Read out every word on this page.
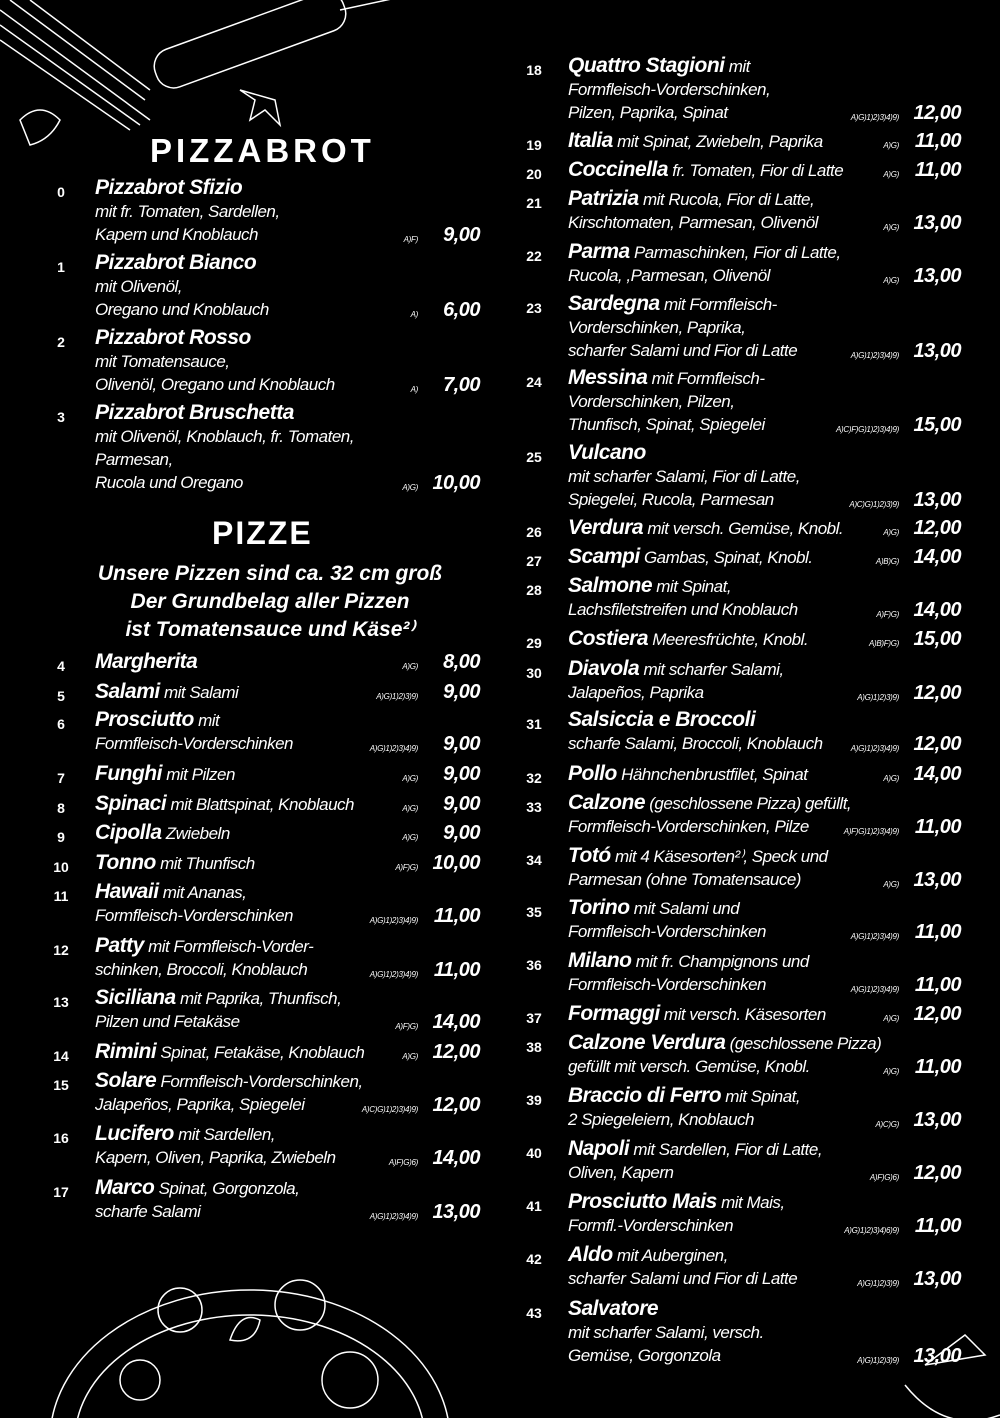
PIZZABROT
PIZZE
Unsere Pizzen sind ca. 32 cm groß
Der Grundbelag aller Pizzen
ist Tomatensauce und Käse²⁾
0	Pizzabrot Sfizio
mit fr. Tomaten, Sardellen,
Kapern und Knoblauch	A)F) 9,00
1	Pizzabrot Bianco
mit Olivenöl,
Oregano und Knoblauch	A) 6,00
2	Pizzabrot Rosso
mit Tomatensauce,
Olivenöl, Oregano und Knoblauch	A) 7,00
3	Pizzabrot Bruschetta
mit Olivenöl, Knoblauch, fr. Tomaten, Parmesan,
Rucola und Oregano	A)G) 10,00
4	Margherita	A)G) 8,00
5	Salami mit Salami	A)G)1)2)3)9) 9,00
6	Prosciutto mit
Formfleisch-Vorderschinken	A)G)1)2)3)4)9) 9,00
7	Funghi mit Pilzen	A)G) 9,00
8	Spinaci mit Blattspinat, Knoblauch	A)G) 9,00
9	Cipolla Zwiebeln	A)G) 9,00
10 Tonno mit Thunfisch	A)F)G) 10,00
11 Hawaii mit Ananas,
Formfleisch-Vorderschinken	A)G)1)2)3)4)9) 11,00
12 Patty mit Formfleisch-Vorder-
schinken, Broccoli, Knoblauch	A)G)1)2)3)4)9) 11,00
13 Siciliana mit Paprika, Thunfisch,
Pilzen und Fetakäse	A)F)G) 14,00
14 Rimini Spinat, Fetakäse, Knoblauch	A)G) 12,00
15 Solare Formfleisch-Vorderschinken,
Jalapeños, Paprika, Spiegelei	A)C)G)1)2)3)4)9) 12,00
16 Lucifero mit Sardellen,
Kapern, Oliven, Paprika, Zwiebeln	A)F)G)6) 14,00
17 Marco Spinat, Gorgonzola,
scharfe Salami	A)G)1)2)3)4)9) 13,00
18 Quattro Stagioni mit
Formfleisch-Vorderschinken,
Pilzen, Paprika, Spinat	A)G)1)2)3)4)9) 12,00
19 Italia mit Spinat, Zwiebeln, Paprika	A)G) 11,00
20 Coccinella fr. Tomaten, Fior di Latte	A)G) 11,00
21 Patrizia mit Rucola, Fior di Latte,
Kirschtomaten, Parmesan, Olivenöl	A)G) 13,00
22 Parma Parmaschinken, Fior di Latte,
Rucola, ,Parmesan, Olivenöl	A)G) 13,00
23 Sardegna mit Formfleisch-
Vorderschinken, Paprika,
scharfer Salami und Fior di Latte	A)G)1)2)3)4)9) 13,00
24 Messina mit Formfleisch-
Vorderschinken, Pilzen,
Thunfisch, Spinat, Spiegelei	A)C)F)G)1)2)3)4)9) 15,00
25 Vulcano
mit scharfer Salami, Fior di Latte,
Spiegelei, Rucola, Parmesan	A)C)G)1)2)3)9) 13,00
26 Verdura mit versch. Gemüse, Knobl.	A)G) 12,00
27 Scampi Gambas, Spinat, Knobl.	A)B)G) 14,00
28 Salmone mit Spinat,
Lachsfiletstreifen und Knoblauch	A)F)G) 14,00
29 Costiera Meeresfrüchte, Knobl.	A)B)F)G) 15,00
30 Diavola mit scharfer Salami,
Jalapeños, Paprika	A)G)1)2)3)9) 12,00
31 Salsiccia e Broccoli
scharfe Salami, Broccoli, Knoblauch	A)G)1)2)3)4)9) 12,00
32 Pollo Hähnchenbrustfilet, Spinat	A)G) 14,00
33 Calzone (geschlossene Pizza) gefüllt,
Formfleisch-Vorderschinken, Pilze	A)F)G)1)2)3)4)9) 11,00
34 Totó mit 4 Käsesorten²⁾, Speck und
Parmesan (ohne Tomatensauce)	A)G) 13,00
35 Torino mit Salami und
Formfleisch-Vorderschinken	A)G)1)2)3)4)9) 11,00
36 Milano mit fr. Champignons und
Formfleisch-Vorderschinken	A)G)1)2)3)4)9) 11,00
37 Formaggi mit versch. Käsesorten	A)G) 12,00
38 Calzone Verdura (geschlossene Pizza)
gefüllt mit versch. Gemüse, Knobl.	A)G) 11,00
39 Braccio di Ferro mit Spinat,
2 Spiegeleiern, Knoblauch	A)C)G) 13,00
40 Napoli mit Sardellen, Fior di Latte,
Oliven, Kapern	A)F)G)6) 12,00
41 Prosciutto Mais mit Mais,
Formfl.-Vorderschinken	A)G)1)2)3)4)6)9) 11,00
42 Aldo mit Auberginen,
scharfer Salami und Fior di Latte	A)G)1)2)3)9) 13,00
43 Salvatore
mit scharfer Salami, versch.
Gemüse, Gorgonzola	A)G)1)2)3)9) 13,00
